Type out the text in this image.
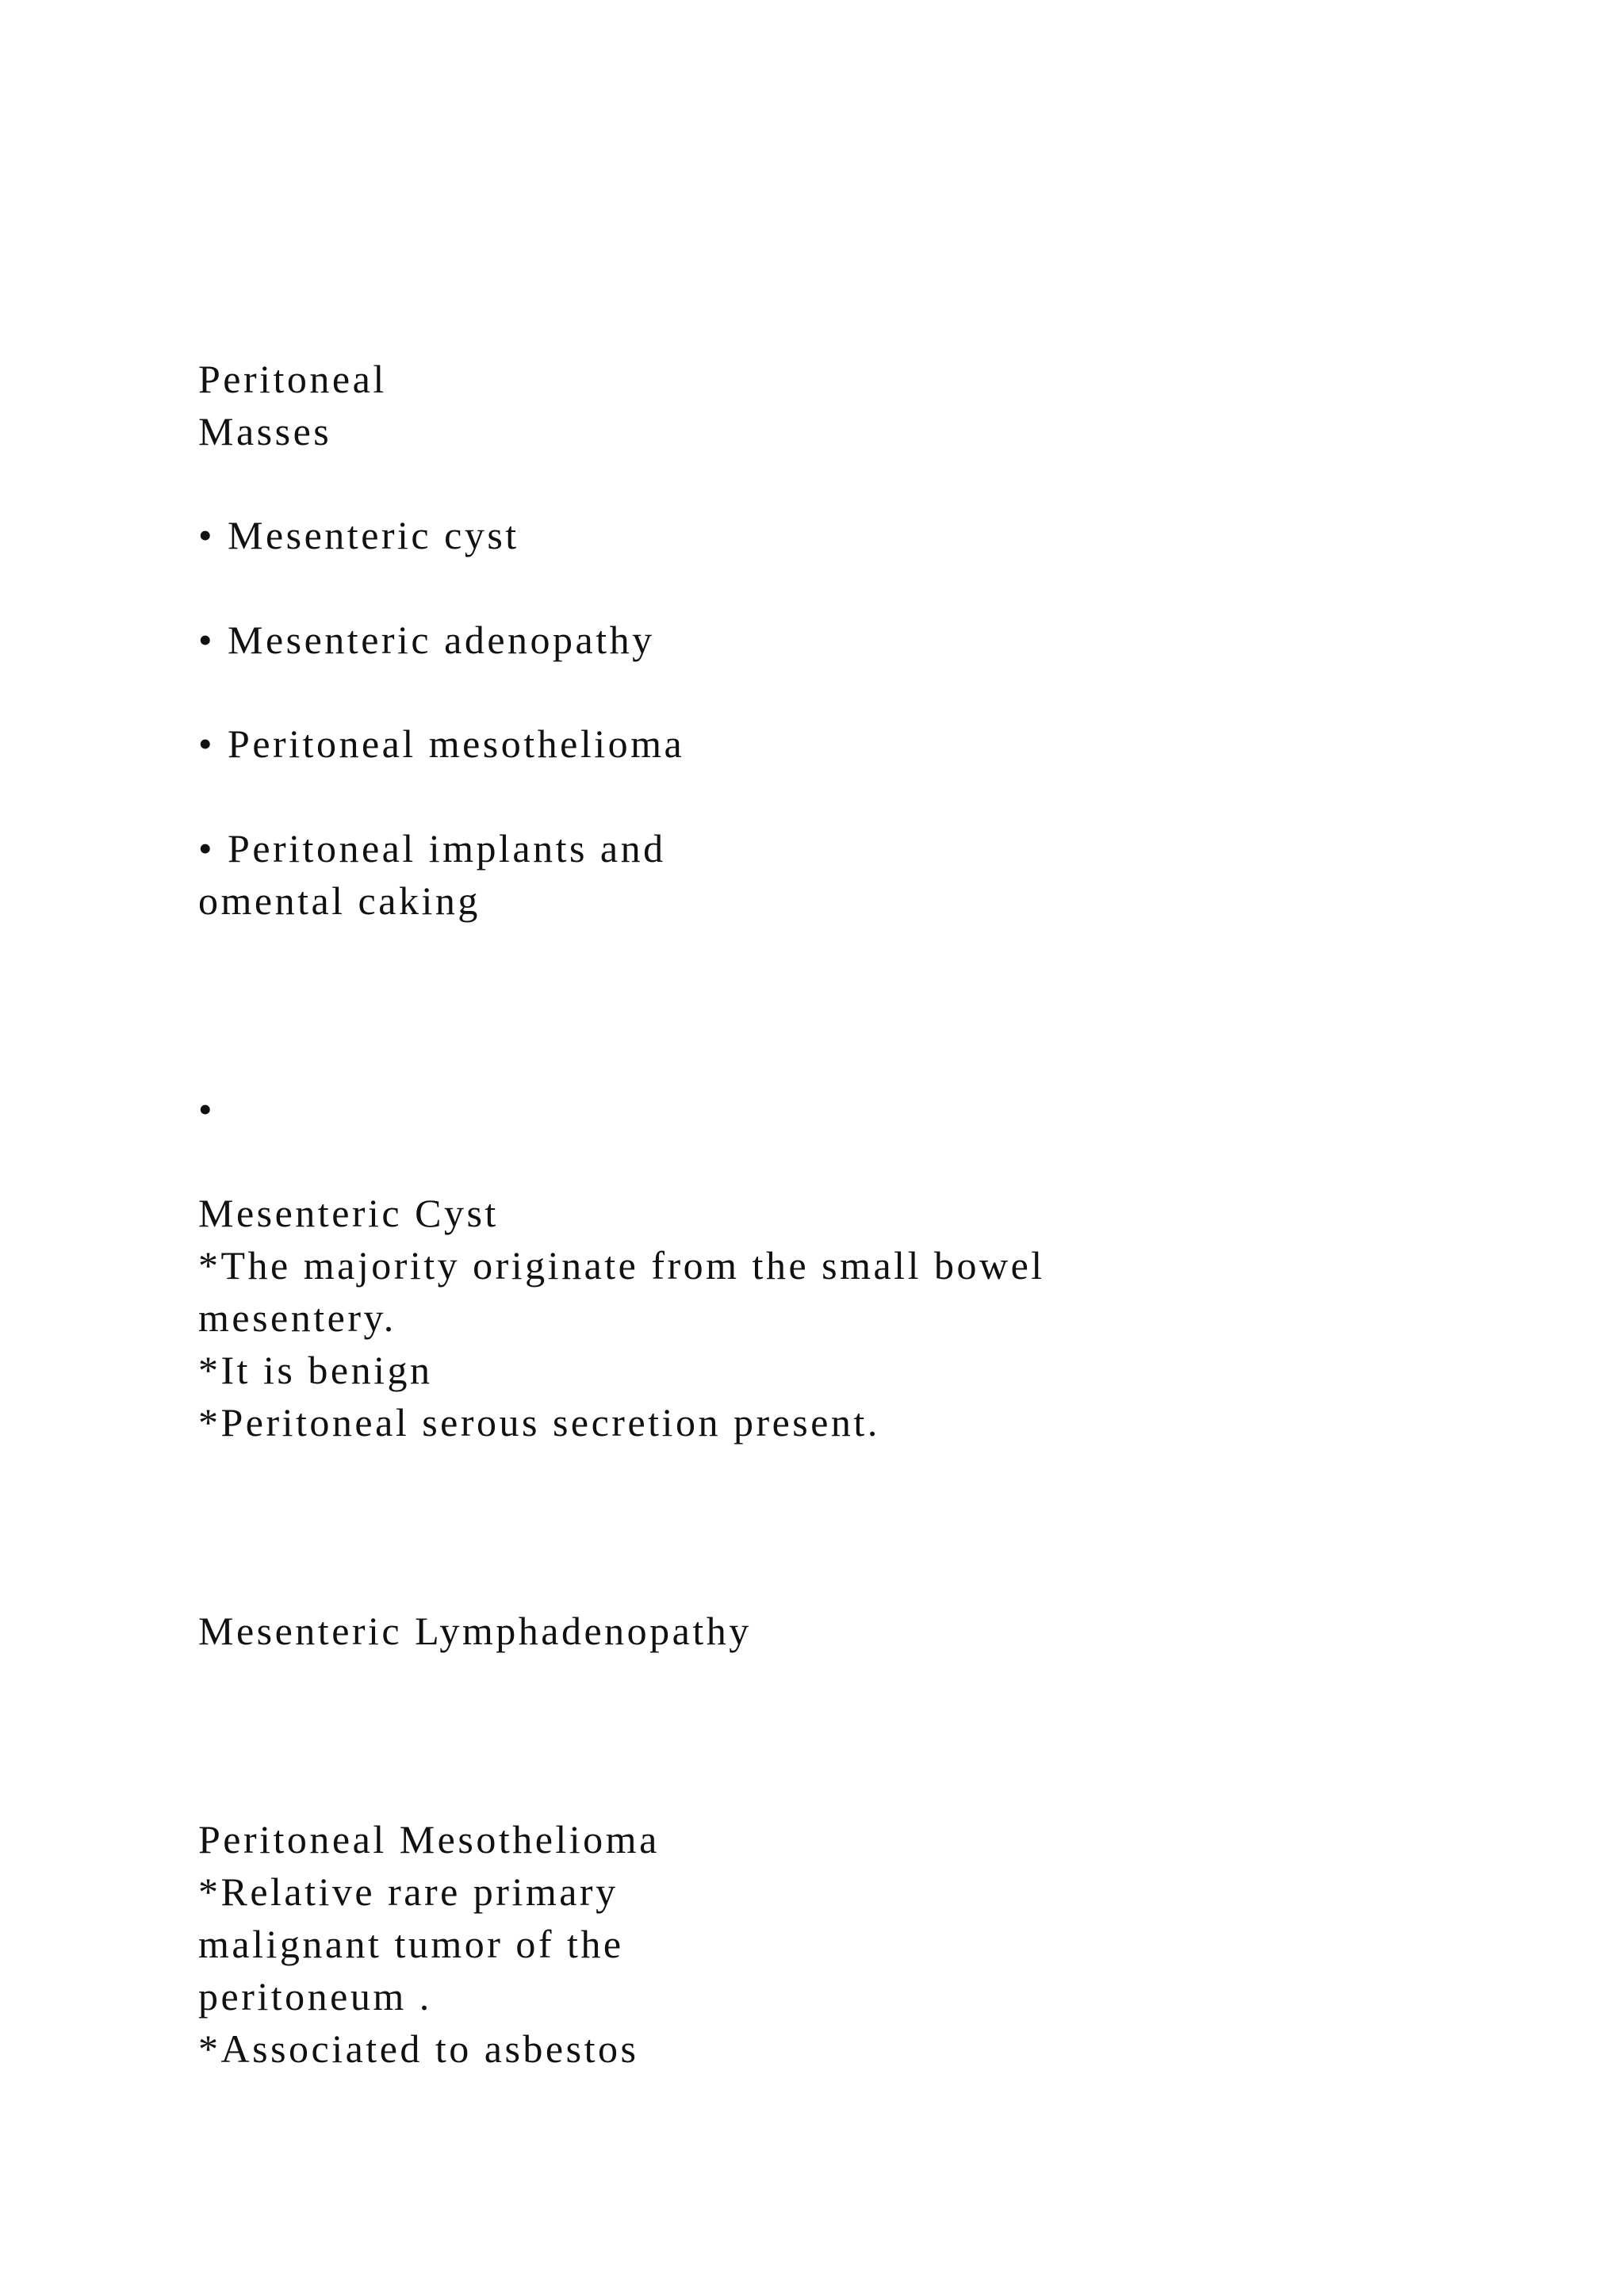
Peritoneal
Masses
• Mesenteric cyst
• Mesenteric adenopathy
• Peritoneal mesothelioma
• Peritoneal implants and
omental caking
•
Mesenteric Cyst
*The majority originate from the small bowel
mesentery.
*It is benign
*Peritoneal serous secretion present.
Mesenteric Lymphadenopathy
Peritoneal Mesothelioma
*Relative rare primary
malignant tumor of the
peritoneum .
*Associated to asbestos
